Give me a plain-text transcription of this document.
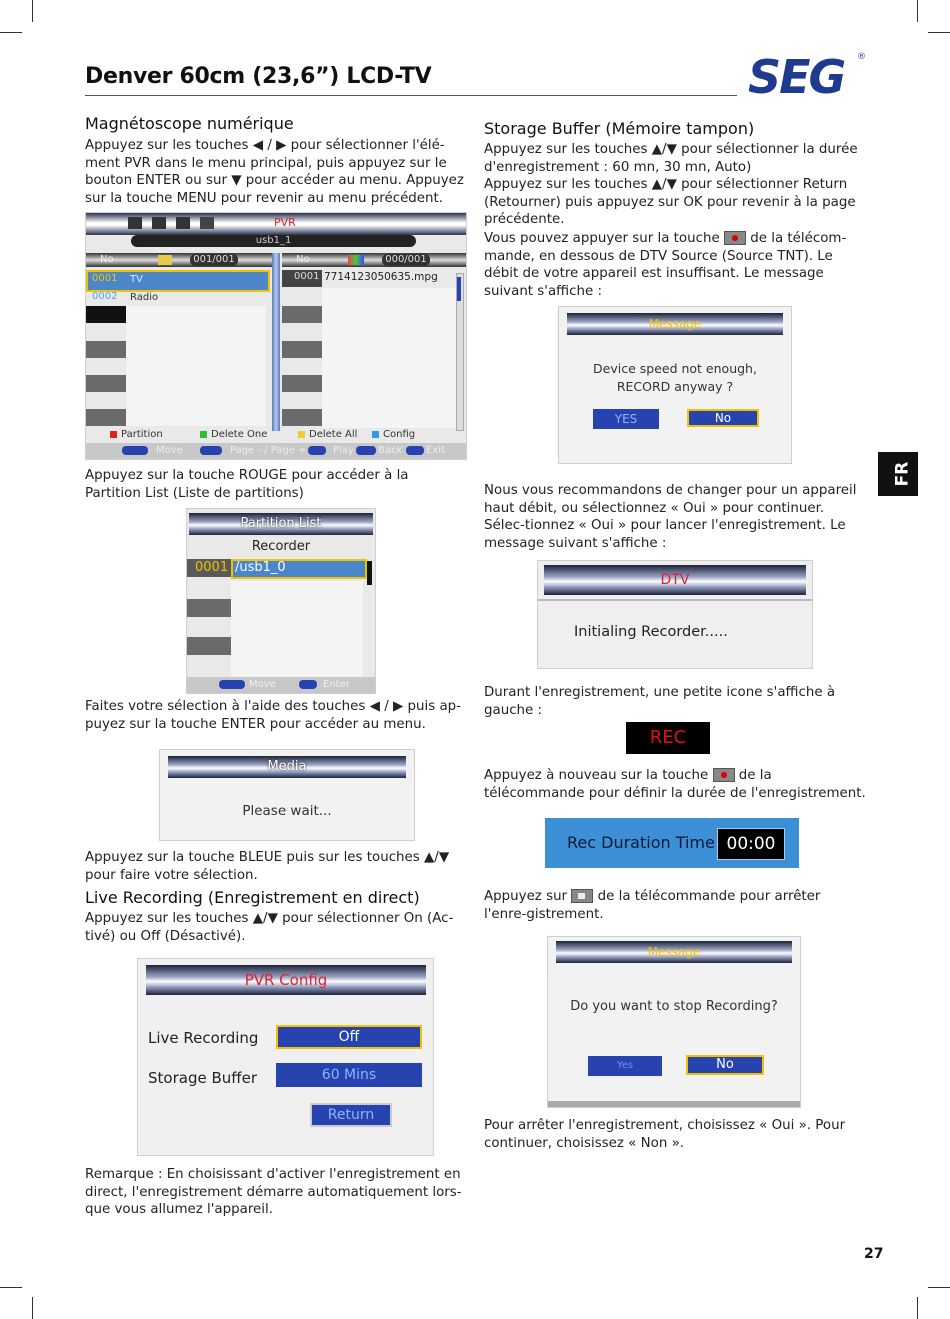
Denver 60cm (23,6”) LCD-TV	SEG ®
FR
Magnétoscope numérique
Appuyez sur les touches ◀ / ▶ pour sélectionner l'élé-ment PVR dans le menu principal, puis appuyez sur le bouton ENTER ou sur ▼ pour accéder au menu. Appuyez sur la touche MENU pour revenir au menu précédent.
PVR
usb1_1
No	001/001
0001 TV
0002 Radio
No	000/001
0001 7714123050635.mpg
Partition	Delete One	Delete All	Config
Move	Page - / Page +	Play Back Exit
Appuyez sur la touche ROUGE pour accéder à la Partition List (Liste de partitions)
Partition List
Recorder
0001 /usb1_0
Move	Enter
Faites votre sélection à l'aide des touches ◀ / ▶ puis ap-puyez sur la touche ENTER pour accéder au menu.
Media
Please wait...
Appuyez sur la touche BLEUE puis sur les touches ▲/▼ pour faire votre sélection.
Live Recording (Enregistrement en direct)
Appuyez sur les touches ▲/▼ pour sélectionner On (Ac-tivé) ou Off (Désactivé).
PVR Config
Live Recording	Off
Storage Buffer	60 Mins
Return
Remarque : En choisissant d'activer l'enregistrement en direct, l'enregistrement démarre automatiquement lors-que vous allumez l'appareil.
Storage Buffer (Mémoire tampon)
Appuyez sur les touches ▲/▼ pour sélectionner la durée d'enregistrement : 60 mn, 30 mn, Auto)
Appuyez sur les touches ▲/▼ pour sélectionner Return (Retourner) puis appuyez sur OK pour revenir à la page précédente.
Vous pouvez appuyer sur la touche de la télécom-mande, en dessous de DTV Source (Source TNT). Le débit de votre appareil est insuffisant. Le message suivant s'affiche :
Message
Device speed not enough,
RECORD anyway ?
YES	No
Nous vous recommandons de changer pour un appareil haut débit, ou sélectionnez « Oui » pour continuer. Sélec-tionnez « Oui » pour lancer l'enregistrement. Le message suivant s'affiche :
DTV
Initialing Recorder.....
Durant l'enregistrement, une petite icone s'affiche à gauche :
REC
Appuyez à nouveau sur la touche de la télécommande pour définir la durée de l'enregistrement.
Rec Duration Time 00:00
Appuyez sur de la télécommande pour arrêter l'enre-gistrement.
Message
Do you want to stop Recording?
Yes	No
Pour arrêter l'enregistrement, choisissez « Oui ». Pour continuer, choisissez « Non ».
27
